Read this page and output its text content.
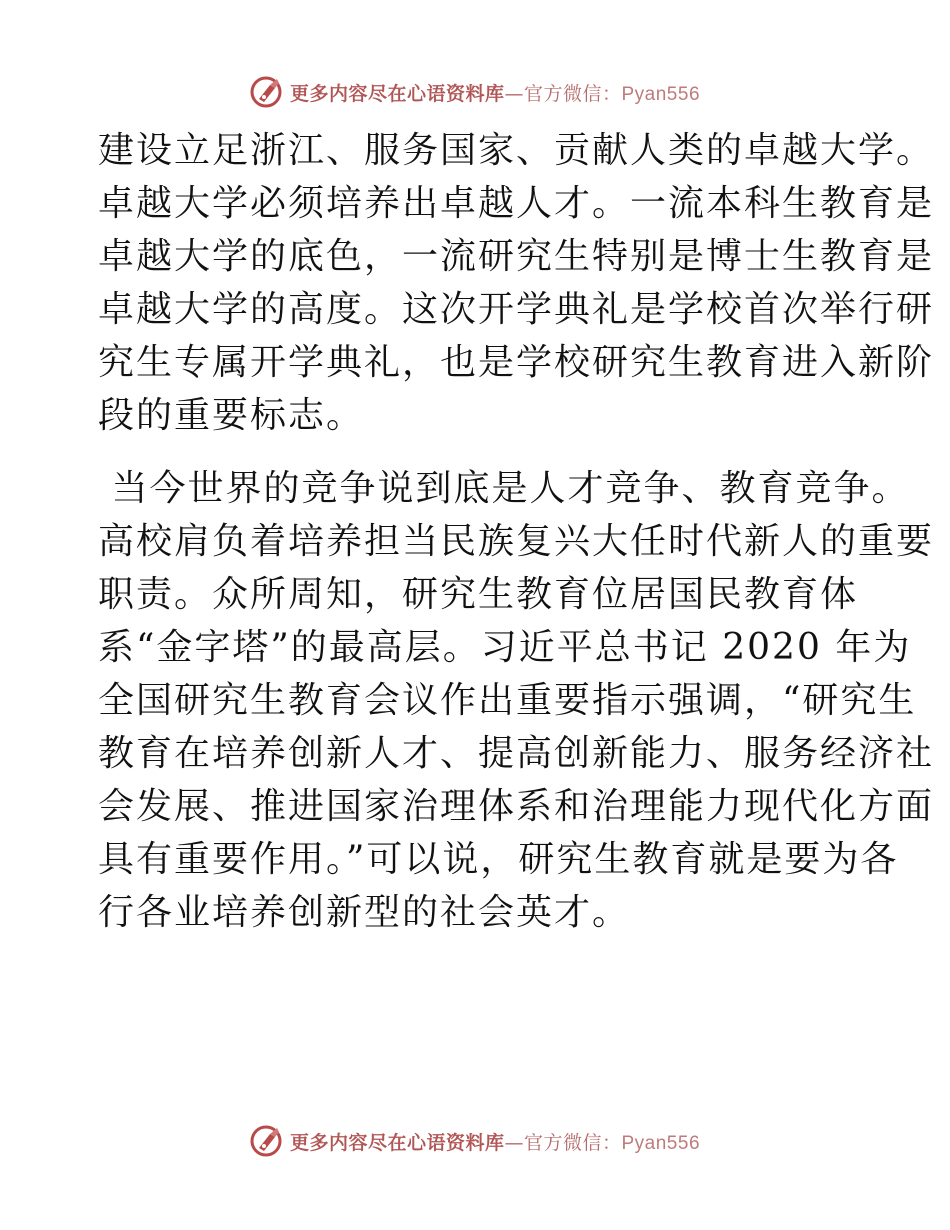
更多内容尽在心语资料库—官方微信：Pyan556

建设立足浙江、服务国家、贡献人类的卓越大学。
卓越大学必须培养出卓越人才。一流本科生教育是
卓越大学的底色，一流研究生特别是博士生教育是
卓越大学的高度。这次开学典礼是学校首次举行研
究生专属开学典礼，也是学校研究生教育进入新阶
段的重要标志。

当今世界的竞争说到底是人才竞争、教育竞争。
高校肩负着培养担当民族复兴大任时代新人的重要
职责。众所周知，研究生教育位居国民教育体
系“金字塔”的最高层。习近平总书记 2020 年为
全国研究生教育会议作出重要指示强调，“研究生
教育在培养创新人才、提高创新能力、服务经济社
会发展、推进国家治理体系和治理能力现代化方面
具有重要作用。”可以说，研究生教育就是要为各
行各业培养创新型的社会英才。

更多内容尽在心语资料库—官方微信：Pyan556
